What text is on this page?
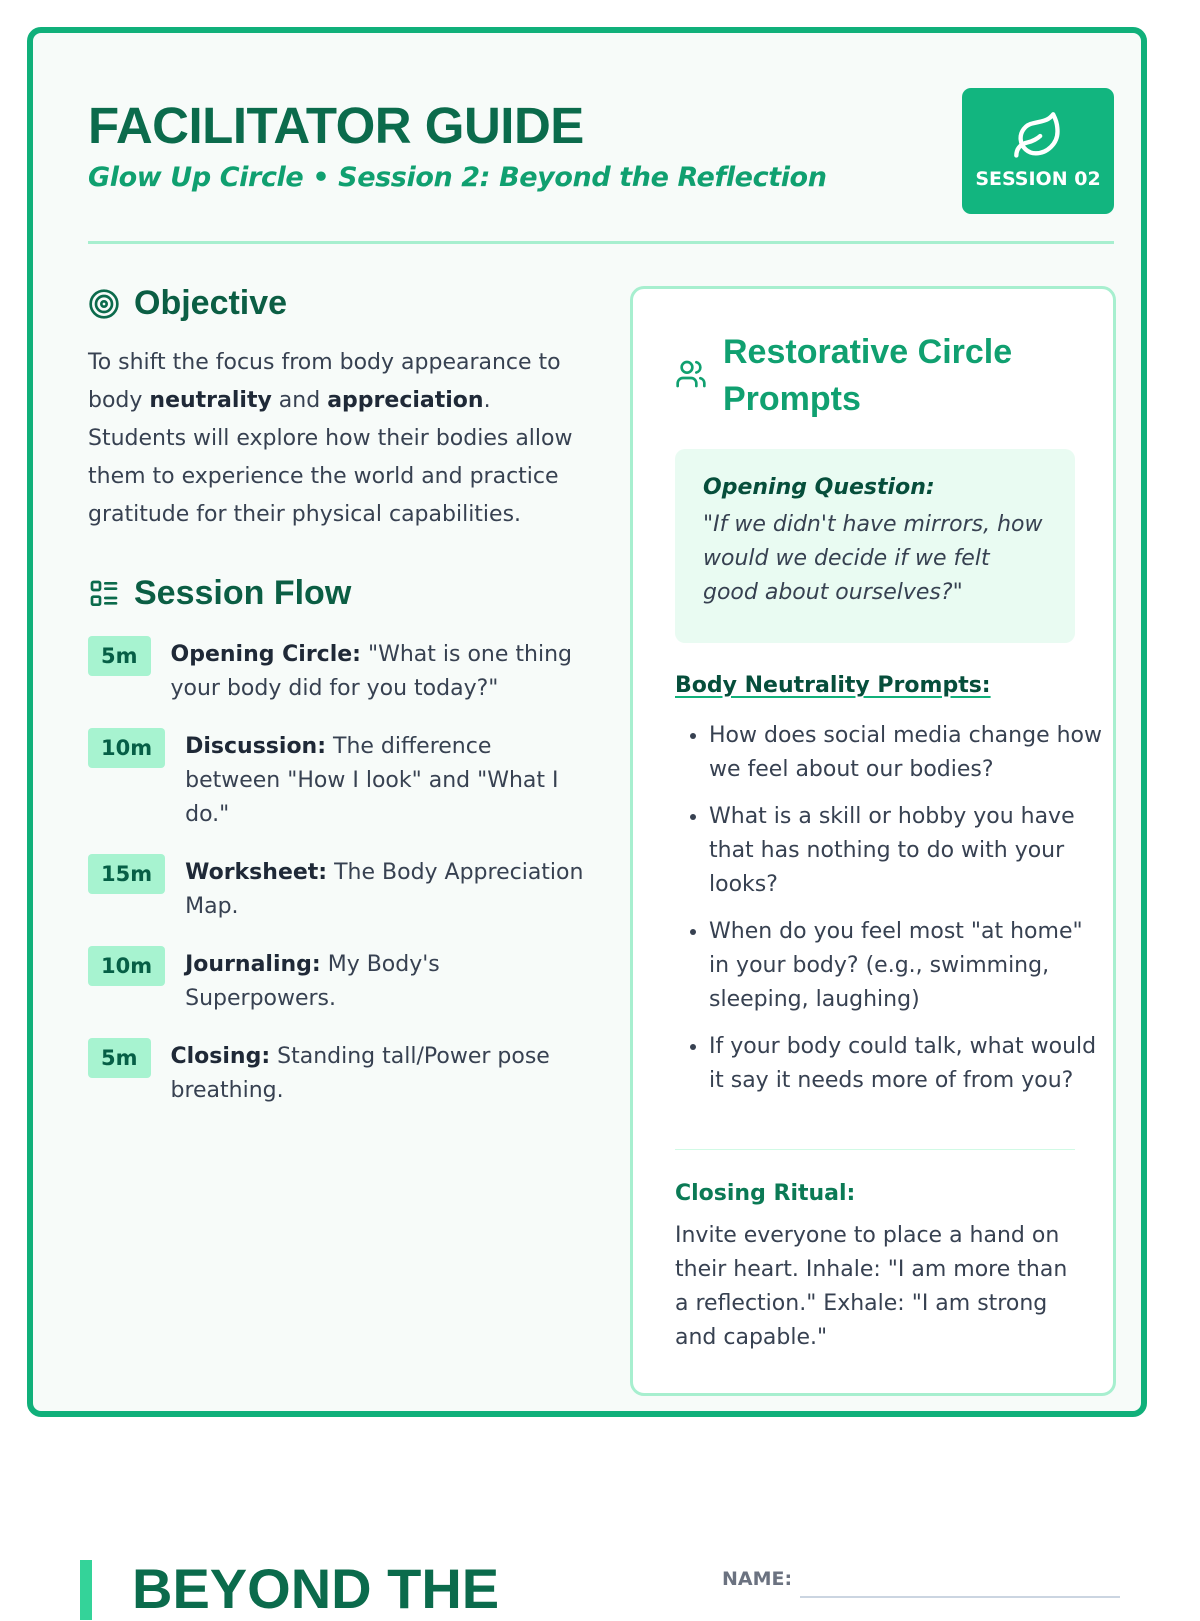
FACILITATOR GUIDE
Glow Up Circle • Session 2: Beyond the Reflection	SESSION 02
Objective
To shift the focus from body appearance to body neutrality and appreciation. Students will explore how their bodies allow them to experience the world and practice gratitude for their physical capabilities.
Session Flow
5m	Opening Circle: "What is one thing your body did for you today?"
10m	Discussion: The difference between "How I look" and "What I do."
15m	Worksheet: The Body Appreciation Map.
10m	Journaling: My Body's Superpowers.
5m	Closing: Standing tall/Power pose breathing.
Restorative Circle Prompts
Opening Question:
"If we didn't have mirrors, how would we decide if we felt good about ourselves?"
Body Neutrality Prompts:
• How does social media change how we feel about our bodies?
• What is a skill or hobby you have that has nothing to do with your looks?
• When do you feel most "at home" in your body? (e.g., swimming, sleeping, laughing)
• If your body could talk, what would it say it needs more of from you?
Closing Ritual:
Invite everyone to place a hand on their heart. Inhale: "I am more than a reflection." Exhale: "I am strong and capable."
BEYOND THE	NAME:
